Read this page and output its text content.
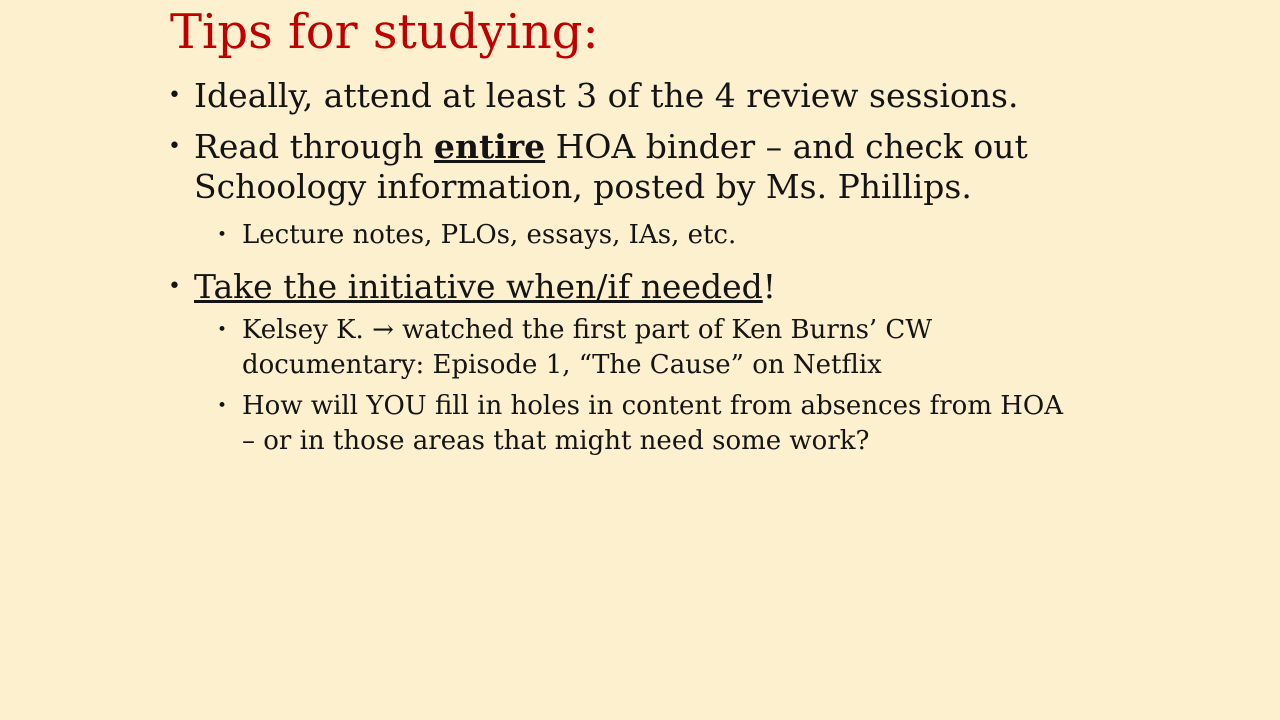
Tips for studying:
• Ideally, attend at least 3 of the 4 review sessions.
• Read through entire HOA binder – and check out Schoology information, posted by Ms. Phillips.
• Lecture notes, PLOs, essays, IAs, etc.
• Take the initiative when/if needed!
• Kelsey K. → watched the first part of Ken Burns’ CW documentary: Episode 1, “The Cause” on Netflix
• How will YOU fill in holes in content from absences from HOA – or in those areas that might need some work?
